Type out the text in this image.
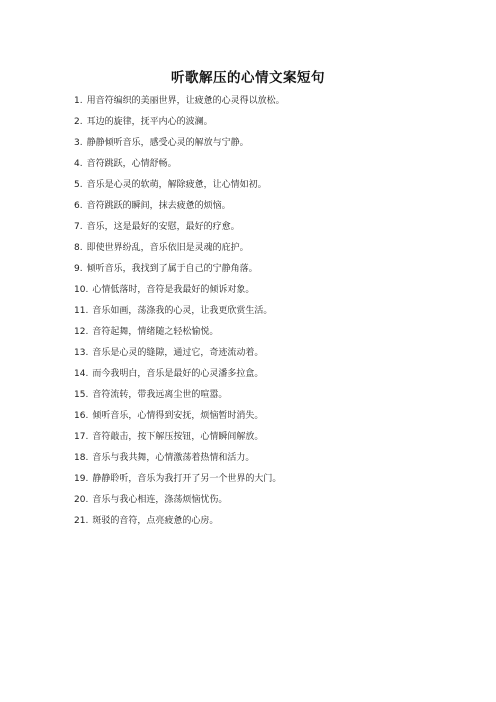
听歌解压的心情文案短句
1. 用音符编织的美丽世界，让疲惫的心灵得以放松。
2. 耳边的旋律，抚平内心的波澜。
3. 静静倾听音乐，感受心灵的解放与宁静。
4. 音符跳跃，心情舒畅。
5. 音乐是心灵的软萌，解除疲惫，让心情如初。
6. 音符跳跃的瞬间，抹去疲惫的烦恼。
7. 音乐，这是最好的安慰，最好的疗愈。
8. 即使世界纷乱，音乐依旧是灵魂的庇护。
9. 倾听音乐，我找到了属于自己的宁静角落。
10. 心情低落时，音符是我最好的倾诉对象。
11. 音乐如画，荡涤我的心灵，让我更欣赏生活。
12. 音符起舞，情绪随之轻松愉悦。
13. 音乐是心灵的缝隙，通过它，奇迹流动着。
14. 而今我明白，音乐是最好的心灵潘多拉盒。
15. 音符流转，带我远离尘世的喧嚣。
16. 倾听音乐，心情得到安抚，烦恼暂时消失。
17. 音符敲击，按下解压按钮，心情瞬间解放。
18. 音乐与我共舞，心情激荡着热情和活力。
19. 静静聆听，音乐为我打开了另一个世界的大门。
20. 音乐与我心相连，涤荡烦恼忧伤。
21. 斑驳的音符，点亮疲惫的心房。
